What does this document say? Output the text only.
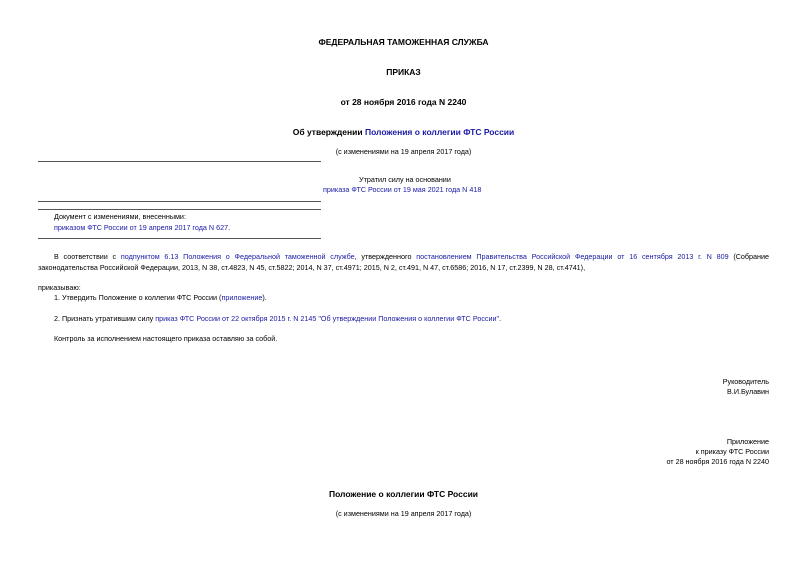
ФЕДЕРАЛЬНАЯ ТАМОЖЕННАЯ СЛУЖБА
ПРИКАЗ
от 28 ноября 2016 года N 2240
Об утверждении Положения о коллегии ФТС России
(с изменениями на 19 апреля 2017 года)
Утратил силу на основании
приказа ФТС России от 19 мая 2021 года N 418
Документ с изменениями, внесенными:
приказом ФТС России от 19 апреля 2017 года N 627.
В соответствии с подпунктом 6.13 Положения о Федеральной таможенной службе, утвержденного постановлением Правительства Российской Федерации от 16 сентября 2013 г. N 809 (Собрание законодательства Российской Федерации, 2013, N 38, ст.4823, N 45, ст.5822; 2014, N 37, ст.4971; 2015, N 2, ст.491, N 47, ст.6586; 2016, N 17, ст.2399, N 28, ст.4741),
приказываю:
1. Утвердить Положение о коллегии ФТС России (приложение).
2. Признать утратившим силу приказ ФТС России от 22 октября 2015 г. N 2145 "Об утверждении Положения о коллегии ФТС России".
Контроль за исполнением настоящего приказа оставляю за собой.
Руководитель
В.И.Булавин
Приложение
к приказу ФТС России
от 28 ноября 2016 года N 2240
Положение о коллегии ФТС России
(с изменениями на 19 апреля 2017 года)
